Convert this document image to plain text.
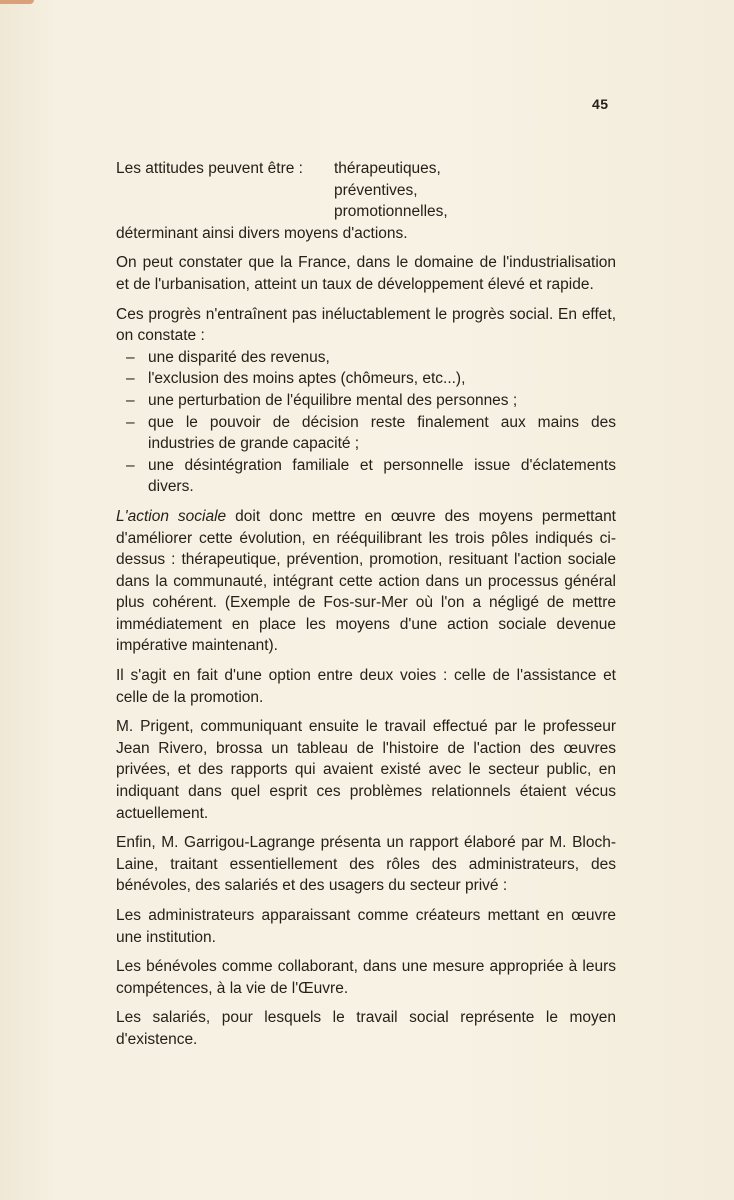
45
Les attitudes peuvent être :	thérapeutiques,
préventives,
promotionnelles,

déterminant ainsi divers moyens d'actions.

On peut constater que la France, dans le domaine de l'industrialisation et de l'urbanisation, atteint un taux de développement élevé et rapide.

Ces progrès n'entraînent pas inéluctablement le progrès social. En effet, on constate :

– une disparité des revenus,
– l'exclusion des moins aptes (chômeurs, etc...),
– une perturbation de l'équilibre mental des personnes ;
– que le pouvoir de décision reste finalement aux mains des industries de grande capacité ;
– une désintégration familiale et personnelle issue d'éclatements divers.

L'action sociale doit donc mettre en œuvre des moyens permettant d'améliorer cette évolution, en rééquilibrant les trois pôles indiqués ci-dessus : thérapeutique, prévention, promotion, resituant l'action sociale dans la communauté, intégrant cette action dans un processus général plus cohérent. (Exemple de Fos-sur-Mer où l'on a négligé de mettre immédiatement en place les moyens d'une action sociale devenue impérative maintenant).

Il s'agit en fait d'une option entre deux voies : celle de l'assistance et celle de la promotion.

M. Prigent, communiquant ensuite le travail effectué par le professeur Jean Rivero, brossa un tableau de l'histoire de l'action des œuvres privées, et des rapports qui avaient existé avec le secteur public, en indiquant dans quel esprit ces problèmes relationnels étaient vécus actuellement.

Enfin, M. Garrigou-Lagrange présenta un rapport élaboré par M. Bloch-Laine, traitant essentiellement des rôles des administrateurs, des bénévoles, des salariés et des usagers du secteur privé :

Les administrateurs apparaissant comme créateurs mettant en œuvre une institution.

Les bénévoles comme collaborant, dans une mesure appropriée à leurs compétences, à la vie de l'Œuvre.

Les salariés, pour lesquels le travail social représente le moyen d'existence.
